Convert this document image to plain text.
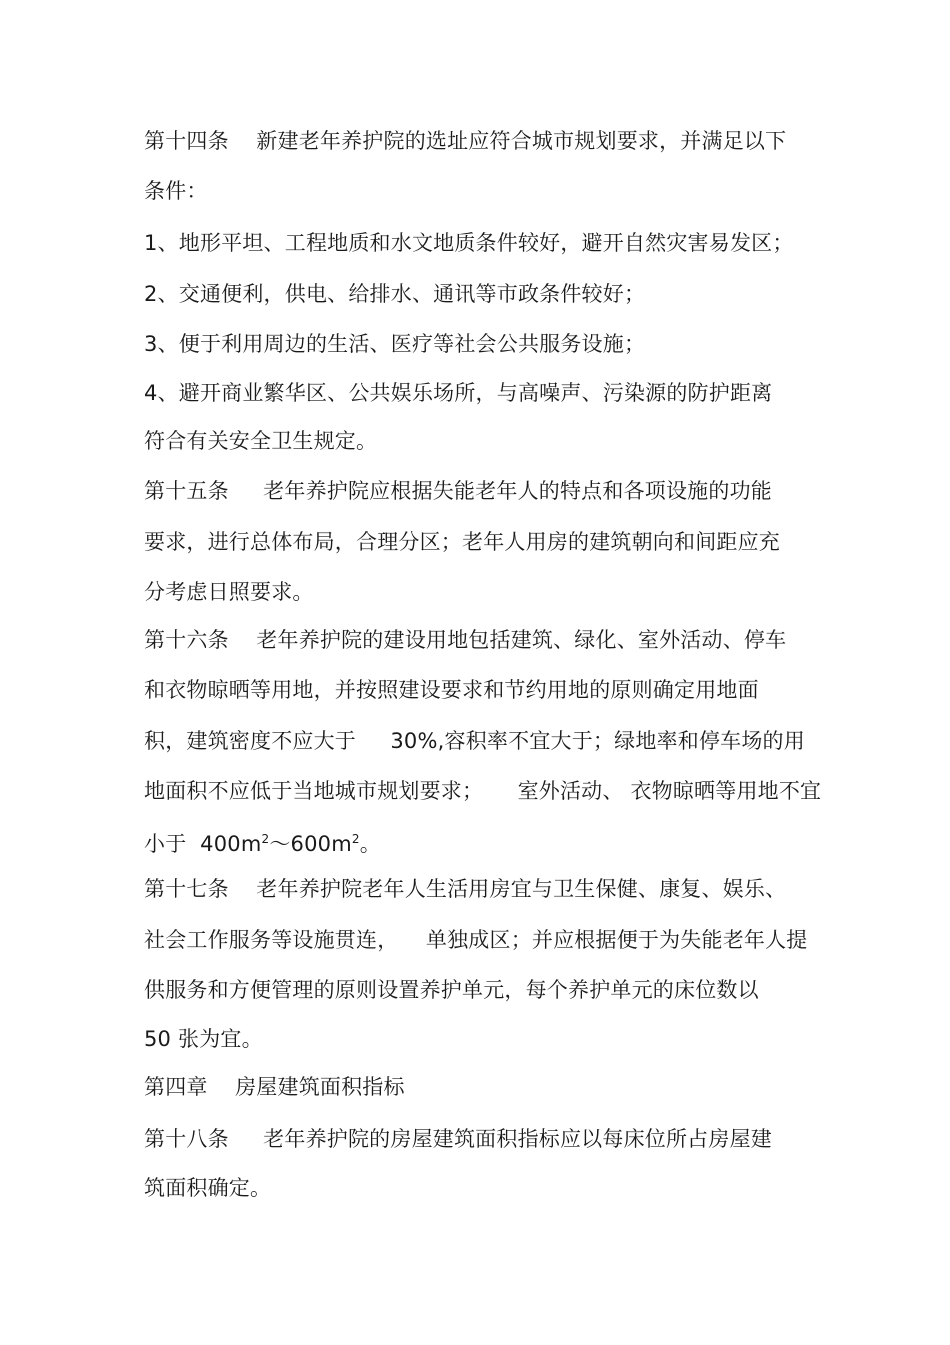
第十四条    新建老年养护院的选址应符合城市规划要求，并满足以下
条件：
1、地形平坦、工程地质和水文地质条件较好，避开自然灾害易发区；
2、交通便利，供电、给排水、通讯等市政条件较好；
3、便于利用周边的生活、医疗等社会公共服务设施；
4、避开商业繁华区、公共娱乐场所，与高噪声、污染源的防护距离
符合有关安全卫生规定。
第十五条     老年养护院应根据失能老年人的特点和各项设施的功能
要求，进行总体布局，合理分区；老年人用房的建筑朝向和间距应充
分考虑日照要求。
第十六条    老年养护院的建设用地包括建筑、绿化、室外活动、停车
和衣物晾晒等用地，并按照建设要求和节约用地的原则确定用地面
积，建筑密度不应大于     30%,容积率不宜大于；绿地率和停车场的用
地面积不应低于当地城市规划要求；     室外活动、 衣物晾晒等用地不宜
小于  $400m^2\sim 600m^2$。
第十七条    老年养护院老年人生活用房宜与卫生保健、康复、娱乐、
社会工作服务等设施贯连，    单独成区；并应根据便于为失能老年人提
供服务和方便管理的原则设置养护单元，每个养护单元的床位数以
50 张为宜。
第四章    房屋建筑面积指标
第十八条     老年养护院的房屋建筑面积指标应以每床位所占房屋建
筑面积确定。
